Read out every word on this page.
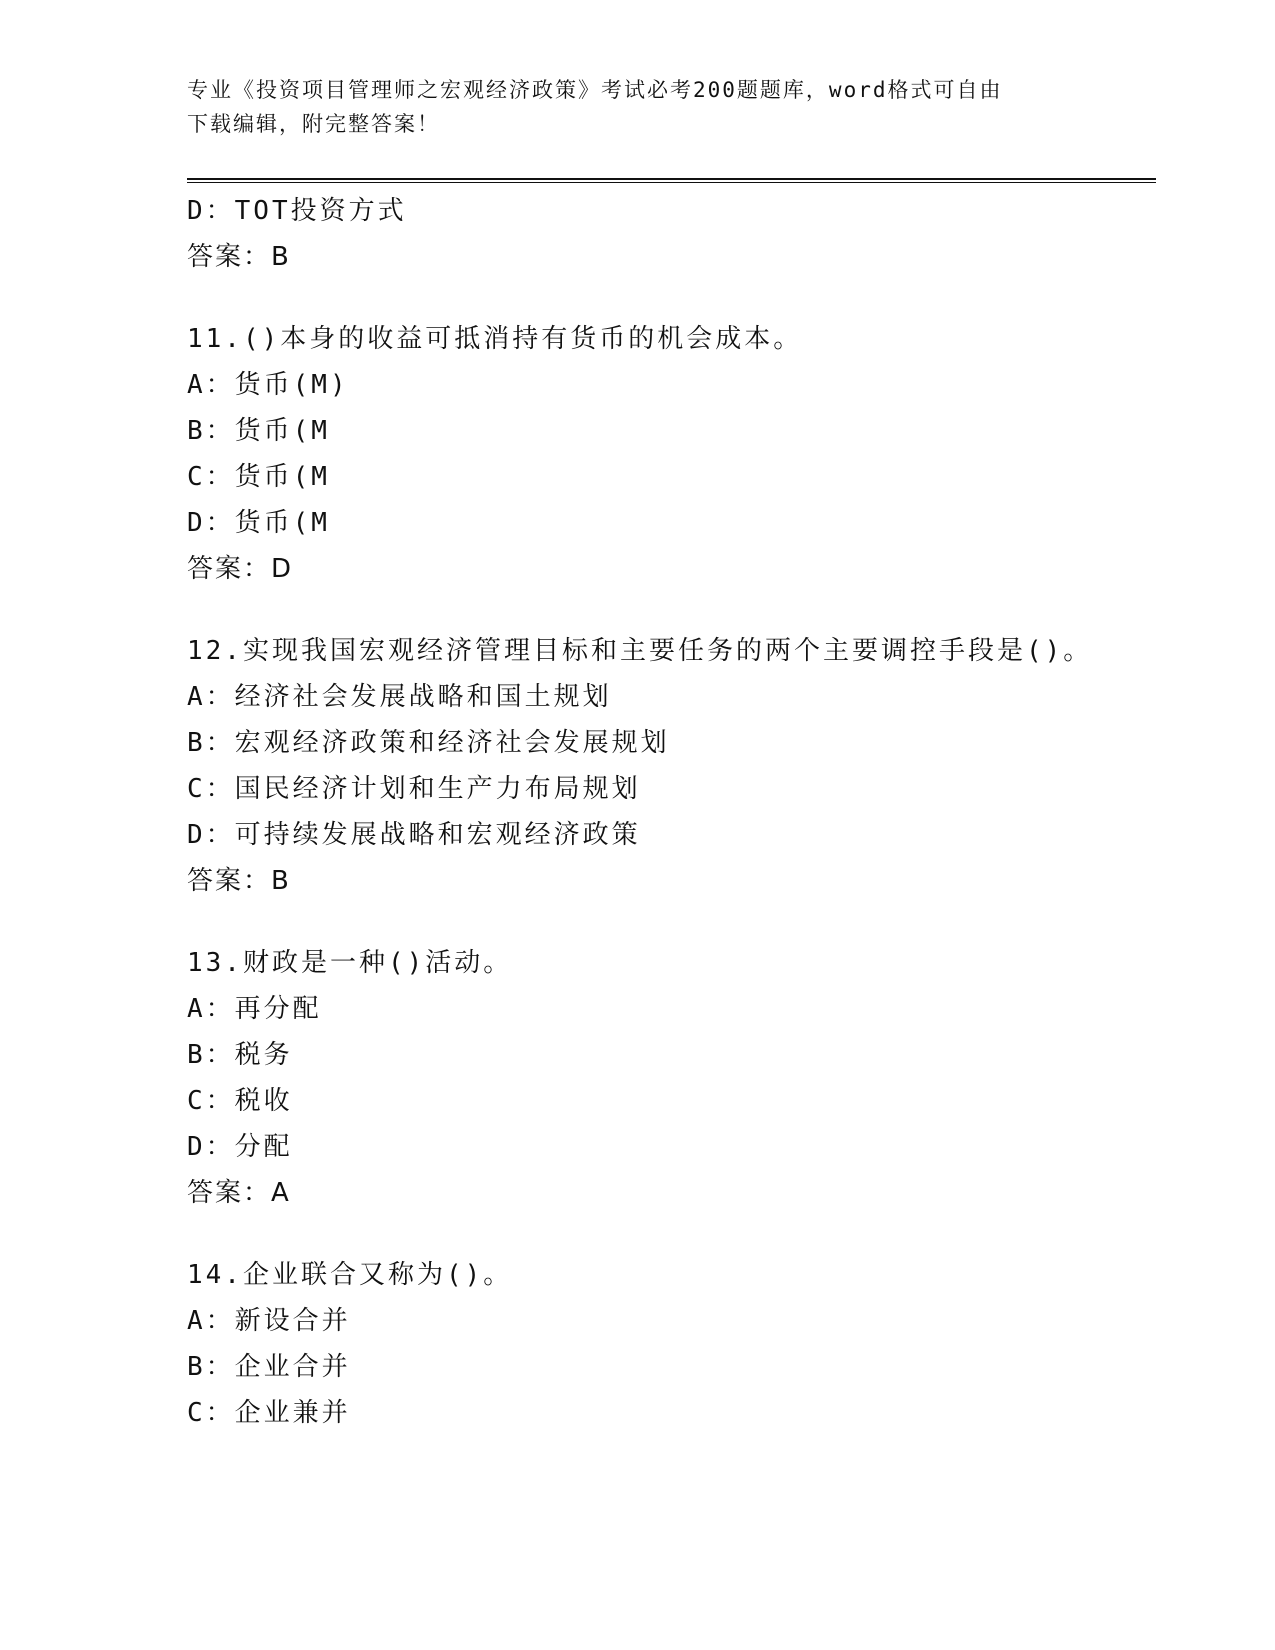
专业《投资项目管理师之宏观经济政策》考试必考200题题库，word格式可自由
下载编辑，附完整答案！
D：TOT投资方式
答案：B
11.()本身的收益可抵消持有货币的机会成本。
A：货币(M)
B：货币(M
C：货币(M
D：货币(M
答案：D
12.实现我国宏观经济管理目标和主要任务的两个主要调控手段是()。
A：经济社会发展战略和国土规划
B：宏观经济政策和经济社会发展规划
C：国民经济计划和生产力布局规划
D：可持续发展战略和宏观经济政策
答案：B
13.财政是一种()活动。
A：再分配
B：税务
C：税收
D：分配
答案：A
14.企业联合又称为()。
A：新设合并
B：企业合并
C：企业兼并
